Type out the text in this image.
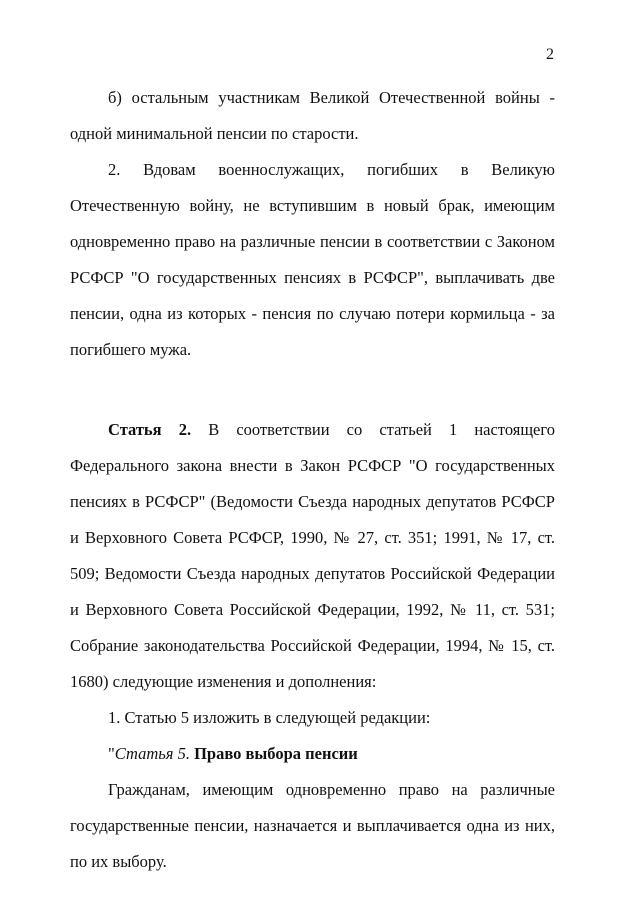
2

б) остальным участникам Великой Отечественной войны - одной минимальной пенсии по старости.

2. Вдовам военнослужащих, погибших в Великую Отечественную войну, не вступившим в новый брак, имеющим одновременно право на различные пенсии в соответствии с Законом РСФСР "О государственных пенсиях в РСФСР", выплачивать две пенсии, одна из которых - пенсия по случаю потери кормильца - за погибшего мужа.

Статья 2. В соответствии со статьей 1 настоящего Федерального закона внести в Закон РСФСР "О государственных пенсиях в РСФСР" (Ведомости Съезда народных депутатов РСФСР и Верховного Совета РСФСР, 1990, № 27, ст. 351; 1991, № 17, ст. 509; Ведомости Съезда народных депутатов Российской Федерации и Верховного Совета Российской Федерации, 1992, № 11, ст. 531; Собрание законодательства Российской Федерации, 1994, № 15, ст. 1680) следующие изменения и дополнения:

1. Статью 5 изложить в следующей редакции:

"Статья 5. Право выбора пенсии

Гражданам, имеющим одновременно право на различные государственные пенсии, назначается и выплачивается одна из них, по их выбору.
